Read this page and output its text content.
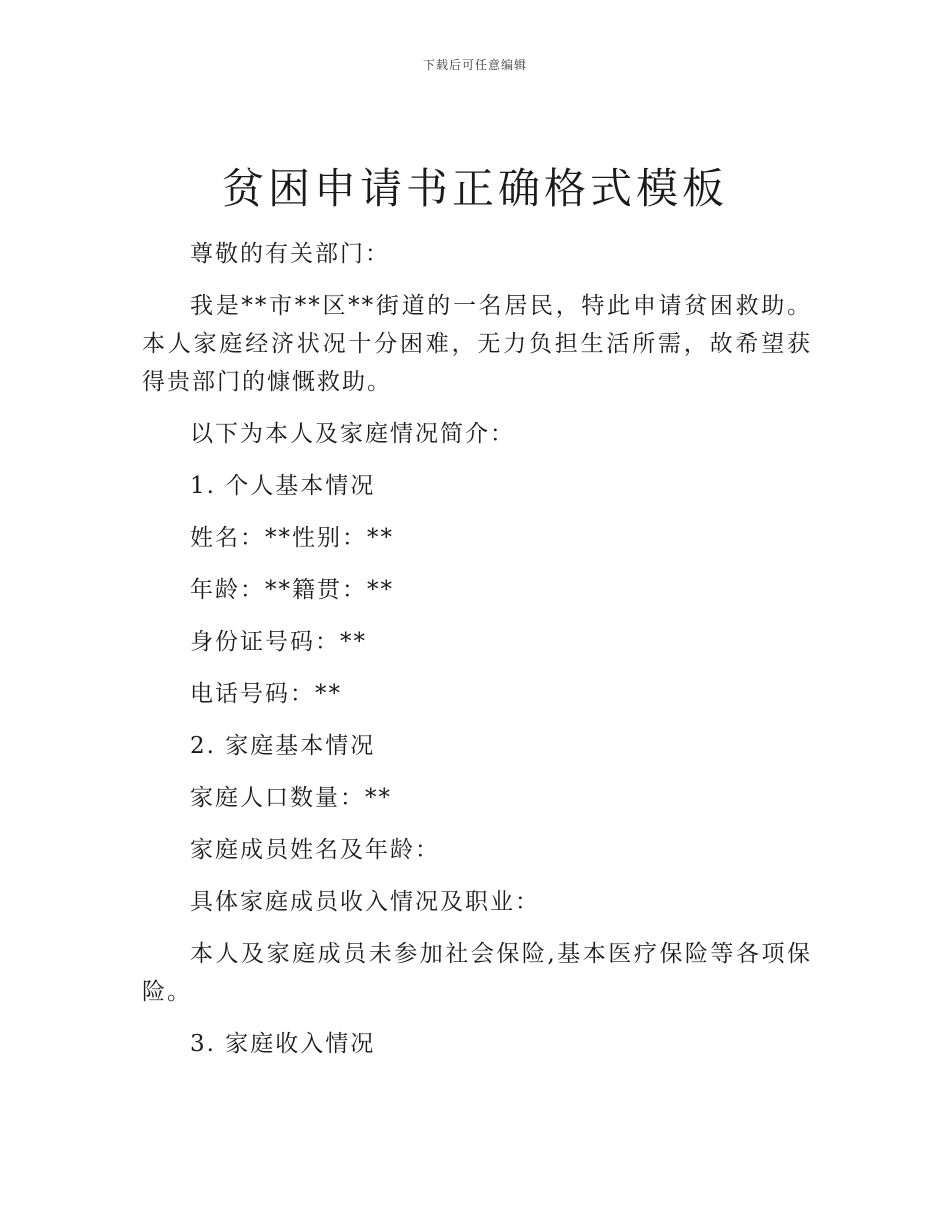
下载后可任意编辑
贫困申请书正确格式模板

尊敬的有关部门：

我是**市**区**街道的一名居民，特此申请贫困救助。本人家庭经济状况十分困难，无力负担生活所需，故希望获得贵部门的慷慨救助。

以下为本人及家庭情况简介：

1. 个人基本情况

姓名：**性别：**

年龄：**籍贯：**

身份证号码：**

电话号码：**

2. 家庭基本情况

家庭人口数量：**

家庭成员姓名及年龄：

具体家庭成员收入情况及职业：

本人及家庭成员未参加社会保险,基本医疗保险等各项保险。

3. 家庭收入情况
